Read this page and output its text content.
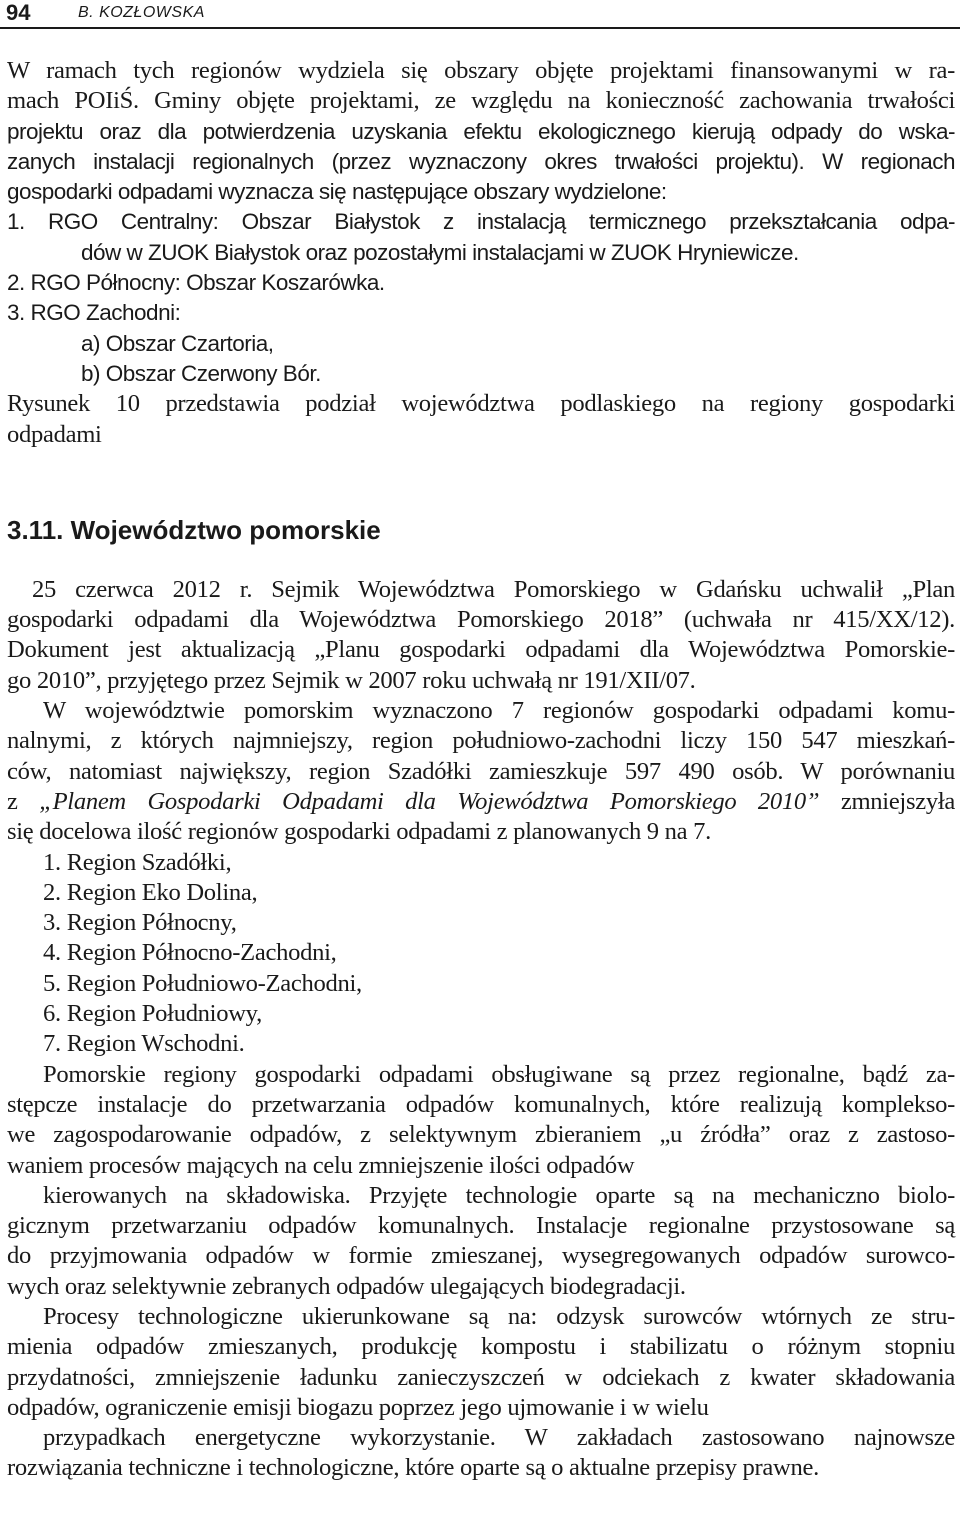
94	B. KOZŁOWSKA
W ramach tych regionów wydziela się obszary objęte projektami finansowanymi w ra-
mach POIiŚ. Gminy objęte projektami, ze względu na konieczność zachowania trwałości
projektu oraz dla potwierdzenia uzyskania efektu ekologicznego kierują odpady do wska-
zanych instalacji regionalnych (przez wyznaczony okres trwałości projektu). W regionach
gospodarki odpadami wyznacza się następujące obszary wydzielone:
1. RGO Centralny: Obszar Białystok z instalacją termicznego przekształcania odpa-
dów w ZUOK Białystok oraz pozostałymi instalacjami w ZUOK Hryniewicze.
2. RGO Północny: Obszar Koszarówka.
3. RGO Zachodni:
a) Obszar Czartoria,
b) Obszar Czerwony Bór.
Rysunek 10 przedstawia podział województwa podlaskiego na regiony gospodarki
odpadami
3.11. Województwo pomorskie
25 czerwca 2012 r. Sejmik Województwa Pomorskiego w Gdańsku uchwalił „Plan
gospodarki odpadami dla Województwa Pomorskiego 2018” (uchwała nr 415/XX/12).
Dokument jest aktualizacją „Planu gospodarki odpadami dla Województwa Pomorskie-
go 2010”, przyjętego przez Sejmik w 2007 roku uchwałą nr 191/XII/07.
W województwie pomorskim wyznaczono 7 regionów gospodarki odpadami komu-
nalnymi, z których najmniejszy, region południowo-zachodni liczy 150 547 mieszkań-
ców, natomiast największy, region Szadółki zamieszkuje 597 490 osób. W porównaniu
z „Planem Gospodarki Odpadami dla Województwa Pomorskiego 2010” zmniejszyła
się docelowa ilość regionów gospodarki odpadami z planowanych 9 na 7.
1. Region Szadółki,
2. Region Eko Dolina,
3. Region Północny,
4. Region Północno-Zachodni,
5. Region Południowo-Zachodni,
6. Region Południowy,
7. Region Wschodni.
Pomorskie regiony gospodarki odpadami obsługiwane są przez regionalne, bądź za-
stępcze instalacje do przetwarzania odpadów komunalnych, które realizują kompleksо-
we zagospodarowanie odpadów, z selektywnym zbieraniem „u źródła” oraz z zastoso-
waniem procesów mających na celu zmniejszenie ilości odpadów
kierowanych na składowiska. Przyjęte technologie oparte są na mechaniczno biolo-
gicznym przetwarzaniu odpadów komunalnych. Instalacje regionalne przystosowane są
do przyjmowania odpadów w formie zmieszanej, wysegregowanych odpadów surowco-
wych oraz selektywnie zebranych odpadów ulegających biodegradacji.
Procesy technologiczne ukierunkowane są na: odzysk surowców wtórnych ze stru-
mienia odpadów zmieszanych, produkcję kompostu i stabilizatu o różnym stopniu
przydatności, zmniejszenie ładunku zanieczyszczeń w odciekach z kwater składowania
odpadów, ograniczenie emisji biogazu poprzez jego ujmowanie i w wielu
przypadkach energetyczne wykorzystanie. W zakładach zastosowano najnowsze
rozwiązania techniczne i technologiczne, które oparte są o aktualne przepisy prawne.
